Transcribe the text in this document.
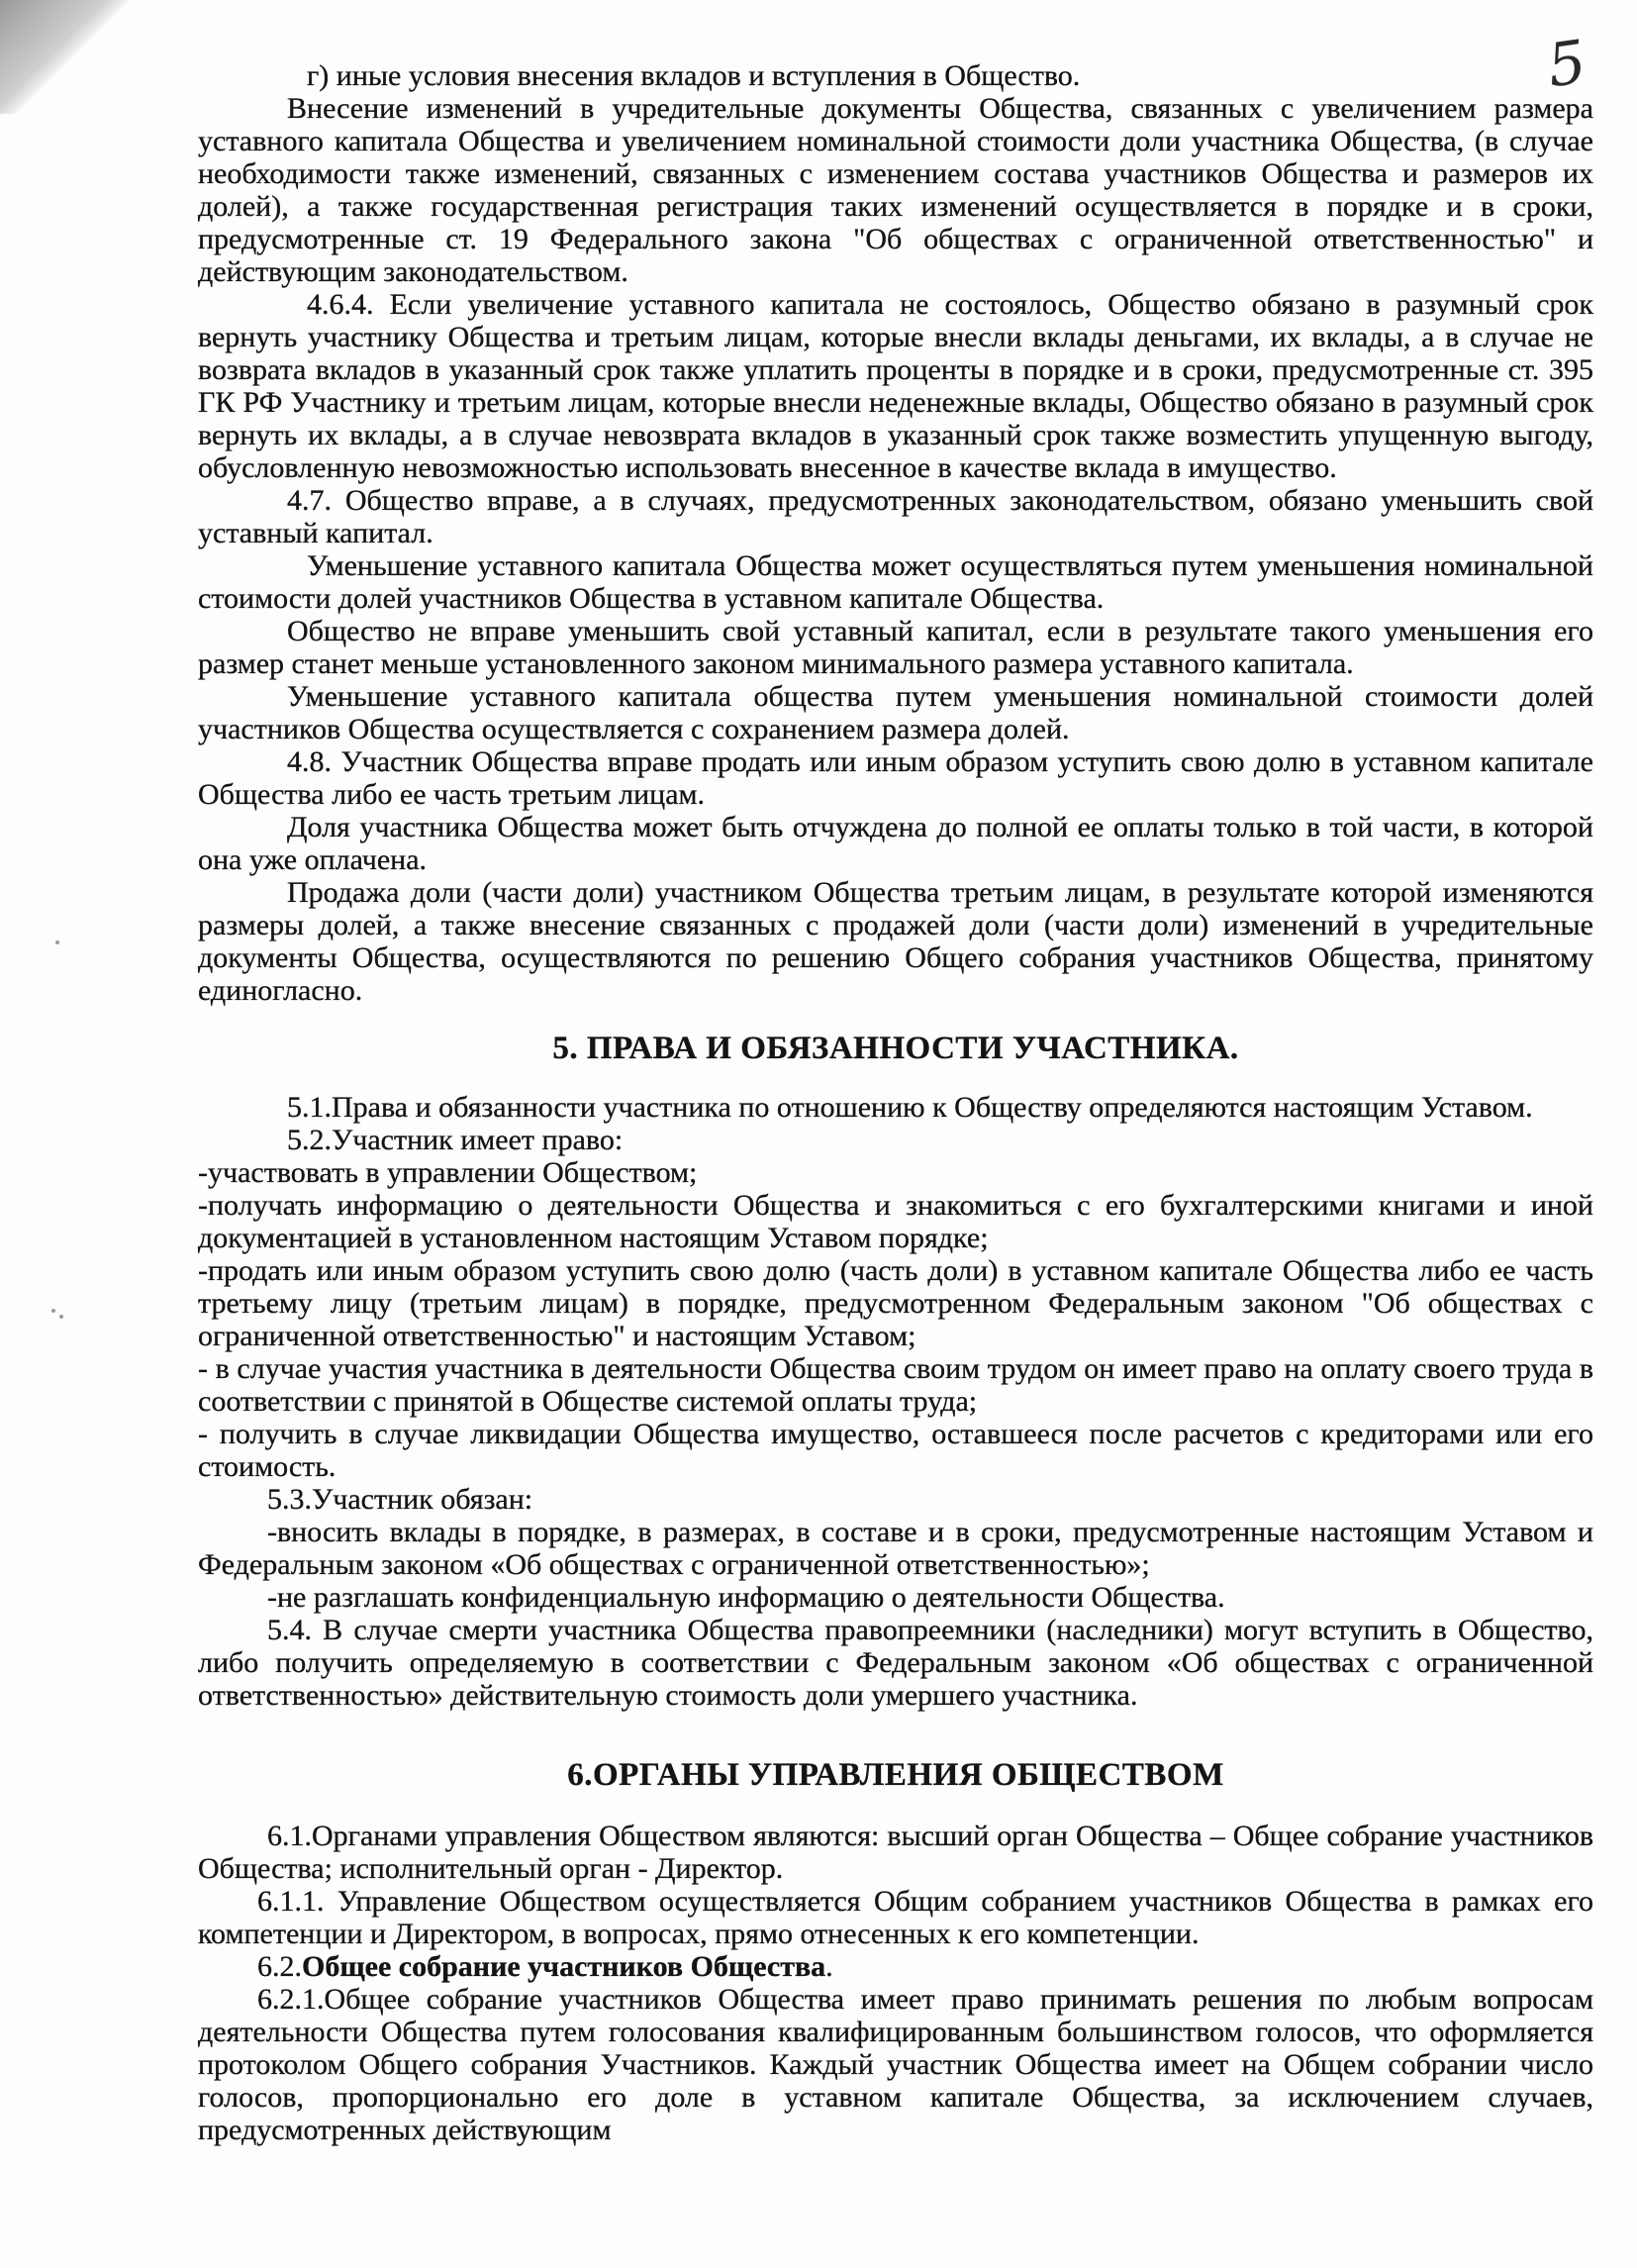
5

г) иные условия внесения вкладов и вступления в Общество.

Внесение изменений в учредительные документы Общества, связанных с увеличением размера уставного капитала Общества и увеличением номинальной стоимости доли участника Общества, (в случае необходимости также изменений, связанных с изменением состава участников Общества и размеров их долей), а также государственная регистрация таких изменений осуществляется в порядке и в сроки, предусмотренные ст. 19 Федерального закона "Об обществах с ограниченной ответственностью" и действующим законодательством.

4.6.4. Если увеличение уставного капитала не состоялось, Общество обязано в разумный срок вернуть участнику Общества и третьим лицам, которые внесли вклады деньгами, их вклады, а в случае не возврата вкладов в указанный срок также уплатить проценты в порядке и в сроки, предусмотренные ст. 395 ГК РФ Участнику и третьим лицам, которые внесли неденежные вклады, Общество обязано в разумный срок вернуть их вклады, а в случае невозврата вкладов в указанный срок также возместить упущенную выгоду, обусловленную невозможностью использовать внесенное в качестве вклада в имущество.

4.7. Общество вправе, а в случаях, предусмотренных законодательством, обязано уменьшить свой уставный капитал.

Уменьшение уставного капитала Общества может осуществляться путем уменьшения номинальной стоимости долей участников Общества в уставном капитале Общества.

Общество не вправе уменьшить свой уставный капитал, если в результате такого уменьшения его размер станет меньше установленного законом минимального размера уставного капитала.

Уменьшение уставного капитала общества путем уменьшения номинальной стоимости долей участников Общества осуществляется с сохранением размера долей.

4.8. Участник Общества вправе продать или иным образом уступить свою долю в уставном капитале Общества либо ее часть третьим лицам.

Доля участника Общества может быть отчуждена до полной ее оплаты только в той части, в которой она уже оплачена.

Продажа доли (части доли) участником Общества третьим лицам, в результате которой изменяются размеры долей, а также внесение связанных с продажей доли (части доли) изменений в учредительные документы Общества, осуществляются по решению Общего собрания участников Общества, принятому единогласно.

5. ПРАВА И ОБЯЗАННОСТИ УЧАСТНИКА.

5.1.Права и обязанности участника по отношению к Обществу определяются настоящим Уставом.

5.2.Участник имеет право:

-участвовать в управлении Обществом;

-получать информацию о деятельности Общества и знакомиться с его бухгалтерскими книгами и иной документацией в установленном настоящим Уставом порядке;

-продать или иным образом уступить свою долю (часть доли) в уставном капитале Общества либо ее часть третьему лицу (третьим лицам) в порядке, предусмотренном Федеральным законом "Об обществах с ограниченной ответственностью" и настоящим Уставом;

- в случае участия участника в деятельности Общества своим трудом он имеет право на оплату своего труда в соответствии с принятой в Обществе системой оплаты труда;

- получить в случае ликвидации Общества имущество, оставшееся после расчетов с кредиторами или его стоимость.

5.3.Участник обязан:

-вносить вклады в порядке, в размерах, в составе и в сроки, предусмотренные настоящим Уставом и Федеральным законом «Об обществах с ограниченной ответственностью»;

-не разглашать конфиденциальную информацию о деятельности Общества.

5.4. В случае смерти участника Общества правопреемники (наследники) могут вступить в Общество, либо получить определяемую в соответствии с Федеральным законом «Об обществах с ограниченной ответственностью» действительную стоимость доли умершего участника.

6.ОРГАНЫ УПРАВЛЕНИЯ ОБЩЕСТВОМ

6.1.Органами управления Обществом являются: высший орган Общества – Общее собрание участников Общества; исполнительный орган - Директор.

6.1.1. Управление Обществом осуществляется Общим собранием участников Общества в рамках его компетенции и Директором, в вопросах, прямо отнесенных к его компетенции.

6.2.Общее собрание участников Общества.

6.2.1.Общее собрание участников Общества имеет право принимать решения по любым вопросам деятельности Общества путем голосования квалифицированным большинством голосов, что оформляется протоколом Общего собрания Участников. Каждый участник Общества имеет на Общем собрании число голосов, пропорционально его доле в уставном капитале Общества, за исключением случаев, предусмотренных действующим
